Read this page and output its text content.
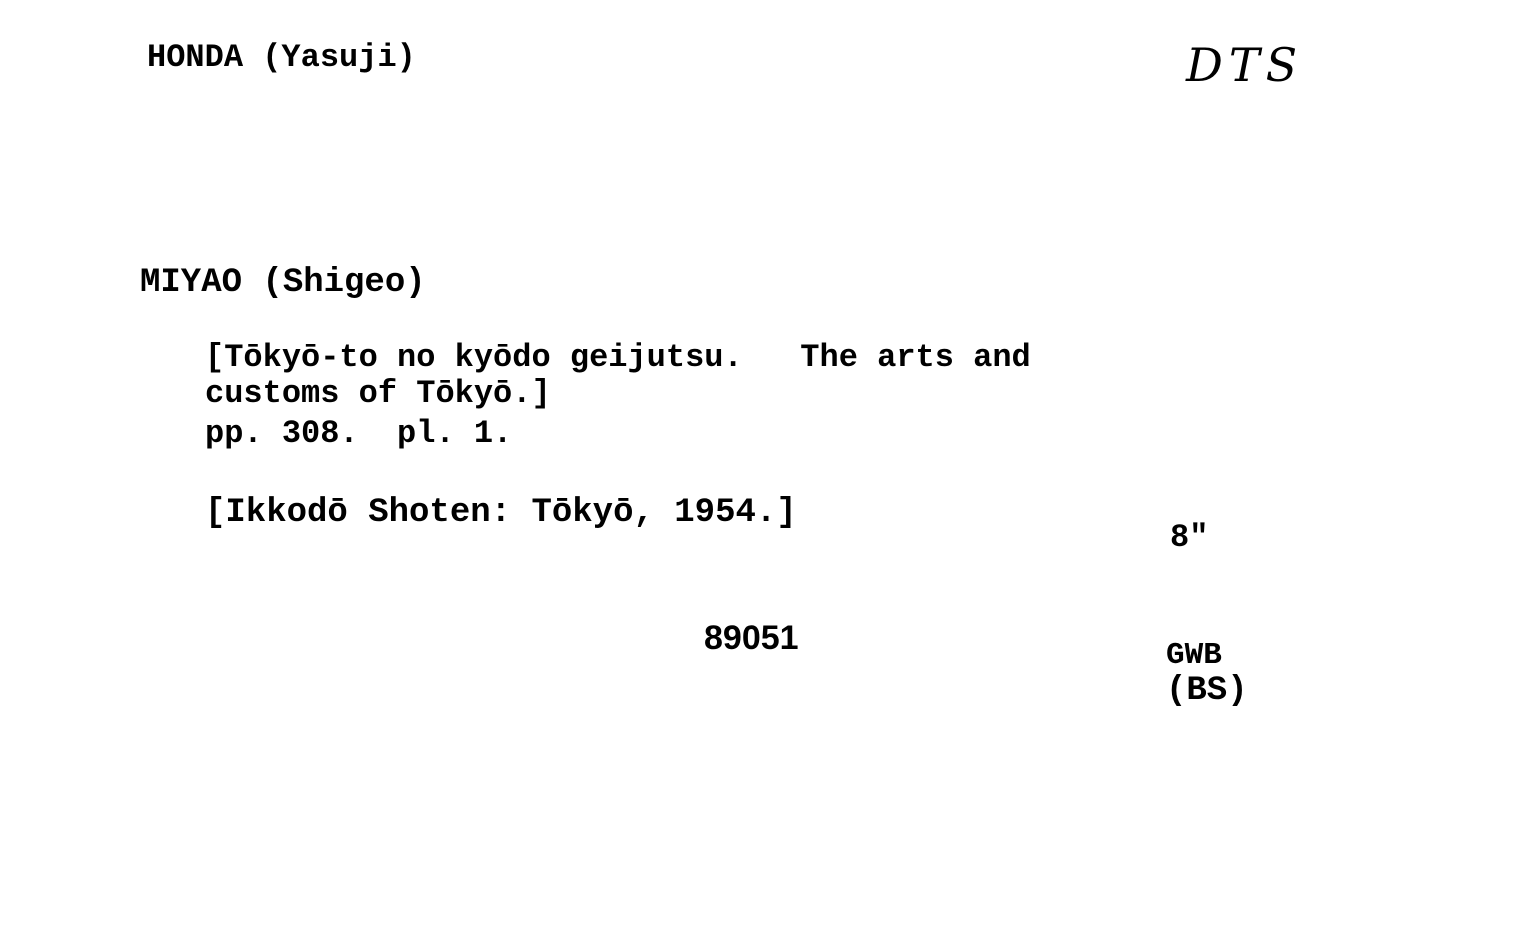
HONDA (Yasuji)	DTS
MIYAO (Shigeo)
[Tōkyō-to no kyōdo geijutsu.   The arts and
customs of Tōkyō.]
pp. 308.  pl. 1.
[Ikkodō Shoten: Tōkyō, 1954.]
8"
89051	GWB
(BS)
